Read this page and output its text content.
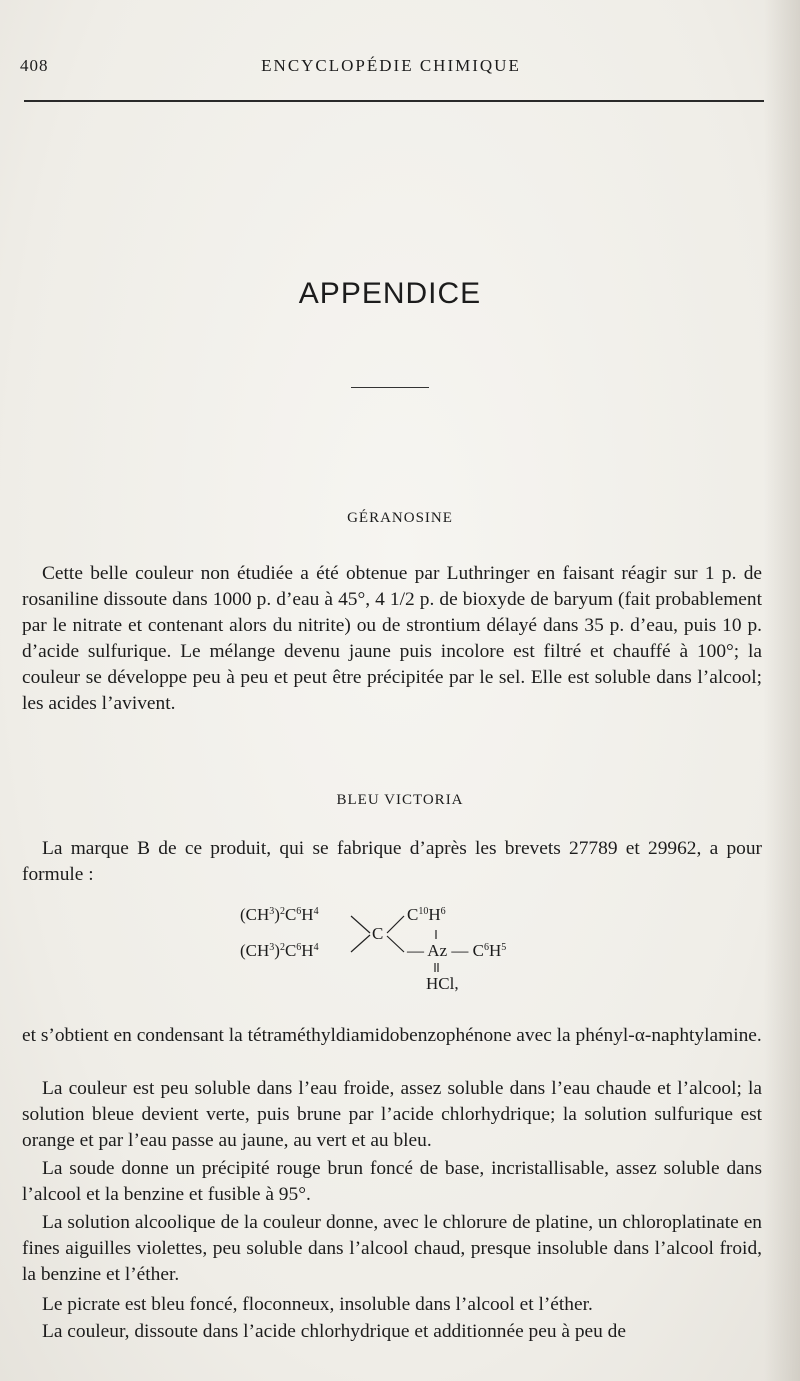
408	ENCYCLOPÉDIE CHIMIQUE
APPENDICE
GÉRANOSINE

Cette belle couleur non étudiée a été obtenue par Luthringer en faisant réagir sur 1 p. de rosaniline dissoute dans 1000 p. d’eau à 45°, 4 1/2 p. de bioxyde de baryum (fait probablement par le nitrate et contenant alors du nitrite) ou de strontium délayé dans 35 p. d’eau, puis 10 p. d’acide sulfurique. Le mélange devenu jaune puis incolore est filtré et chauffé à 100°; la couleur se développe peu à peu et peut être précipitée par le sel. Elle est soluble dans l’alcool; les acides l’avivent.

BLEU VICTORIA

La marque B de ce produit, qui se fabrique d’après les brevets 27789 et 29962, a pour formule :

$(CH^3)^2C^6H^4$
$(CH^3)^2C^6H^4$
C
$C^{10}H^6$
— Az — $C^6H^5$
HCl,

et s’obtient en condensant la tétraméthyldiamidobenzophénone avec la phényl-α-naphtylamine.

La couleur est peu soluble dans l’eau froide, assez soluble dans l’eau chaude et l’alcool; la solution bleue devient verte, puis brune par l’acide chlorhydrique; la solution sulfurique est orange et par l’eau passe au jaune, au vert et au bleu.

La soude donne un précipité rouge brun foncé de base, incristallisable, assez soluble dans l’alcool et la benzine et fusible à 95°.

La solution alcoolique de la couleur donne, avec le chlorure de platine, un chloroplatinate en fines aiguilles violettes, peu soluble dans l’alcool chaud, presque insoluble dans l’alcool froid, la benzine et l’éther.

Le picrate est bleu foncé, floconneux, insoluble dans l’alcool et l’éther.

La couleur, dissoute dans l’acide chlorhydrique et additionnée peu à peu de
